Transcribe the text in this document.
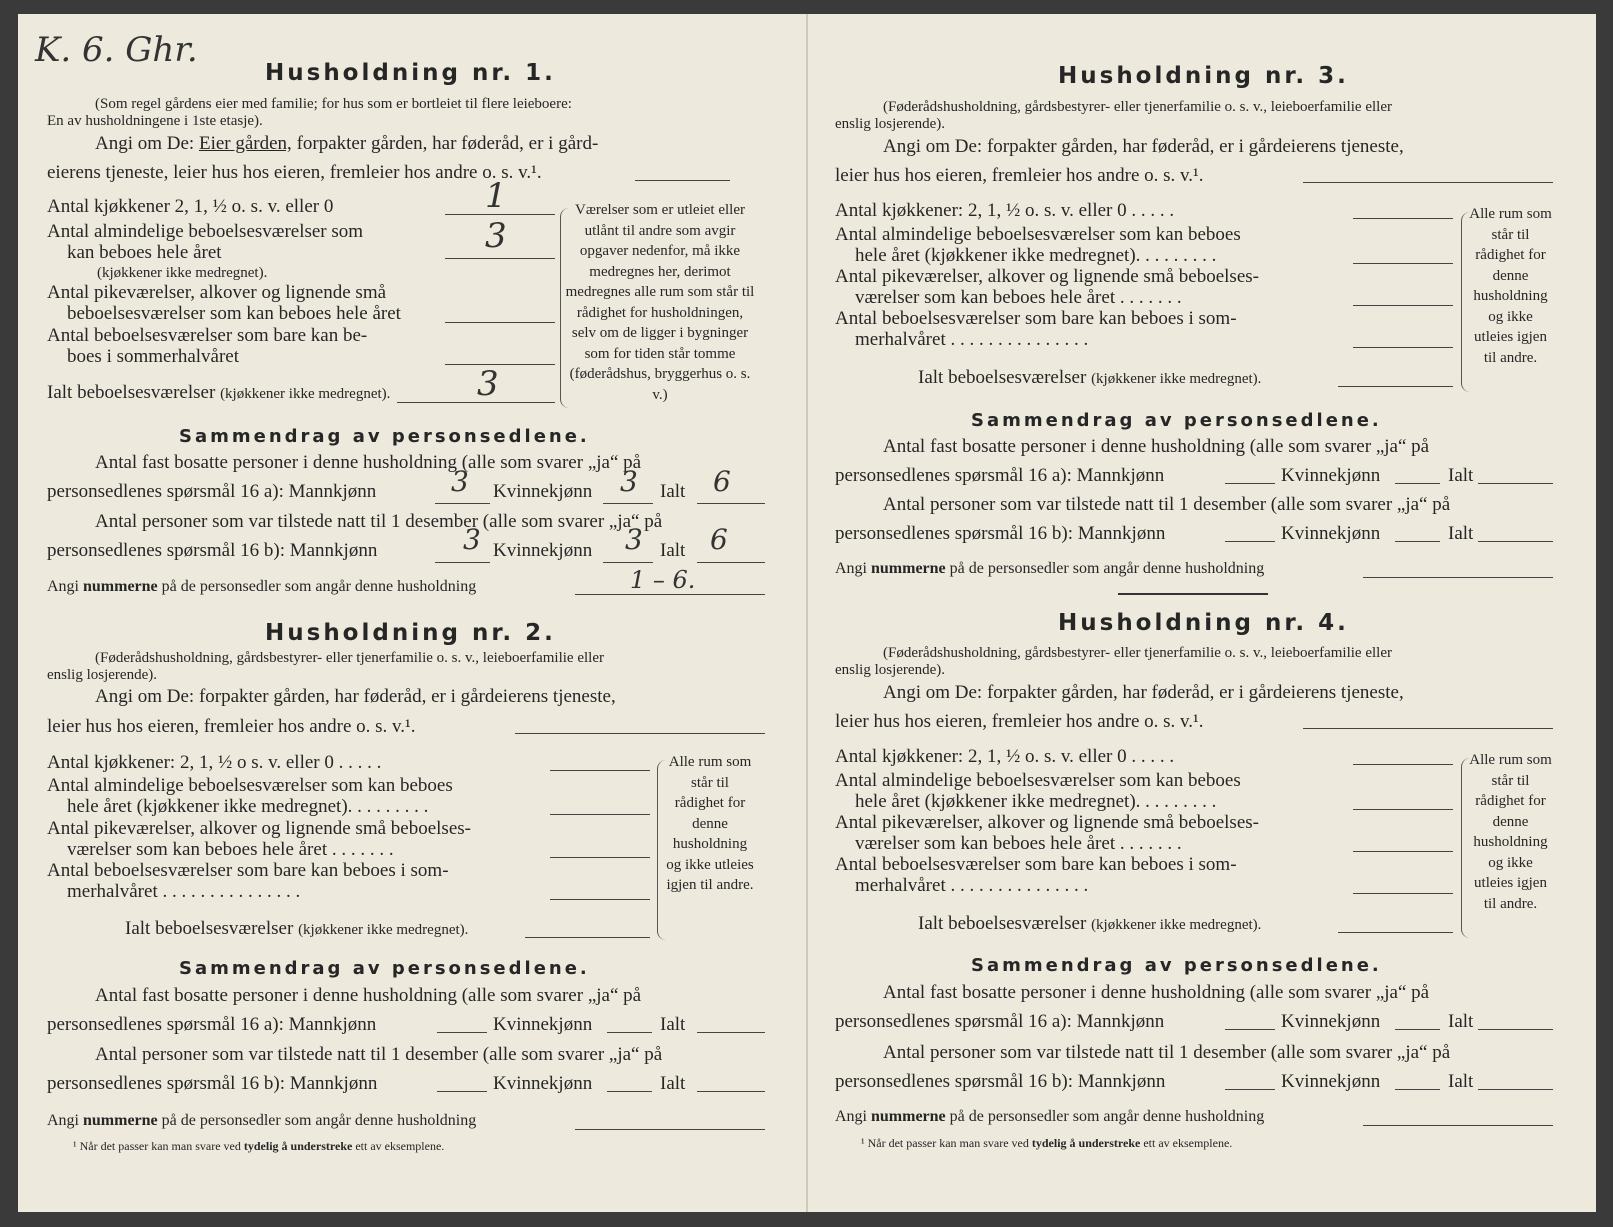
K. 6. Ghr.
Husholdning nr. 1.
(Som regel gårdens eier med familie; for hus som er bortleiet til flere leieboere:
En av husholdningene i 1ste etasje).
Angi om De: Eier gården, forpakter gården, har føderåd, er i gård-
eierens tjeneste, leier hus hos eieren, fremleier hos andre o. s. v.¹.
Antal kjøkkener 2, 1, ½ o. s. v. eller 0	1
Antal almindelige beboelsesværelser som
kan beboes hele året
(kjøkkener ikke medregnet).
3
Antal pikeværelser, alkover og lignende små
beboelsesværelser som kan beboes hele året
Antal beboelsesværelser som bare kan be-
boes i sommerhalvåret
Ialt beboelsesværelser (kjøkkener ikke medregnet).	3
Værelser som er utleiet eller utlånt til andre som avgir opgaver nedenfor, må ikke medregnes her, derimot medregnes alle rum som står til rådighet for husholdningen, selv om de ligger i bygninger som for tiden står tomme (føderådshus, bryggerhus o. s. v.)
Sammendrag av personsedlene.
Antal fast bosatte personer i denne husholdning (alle som svarer „ja“ på
personsedlenes spørsmål 16 a): Mannkjønn	3 Kvinnekjønn 3 Ialt 6
Antal personer som var tilstede natt til 1 desember (alle som svarer „ja“ på
personsedlenes spørsmål 16 b): Mannkjønn	3 Kvinnekjønn 3 Ialt 6
Angi nummerne på de personsedler som angår denne husholdning	1 – 6.
Husholdning nr. 2.
(Føderådshusholdning, gårdsbestyrer- eller tjenerfamilie o. s. v., leieboerfamilie eller
enslig losjerende).
Angi om De: forpakter gården, har føderåd, er i gårdeierens tjeneste,
leier hus hos eieren, fremleier hos andre o. s. v.¹.
Antal kjøkkener: 2, 1, ½ o s. v. eller 0 . . . . .
Antal almindelige beboelsesværelser som kan beboes
hele året (kjøkkener ikke medregnet). . . . . . . . .
Antal pikeværelser, alkover og lignende små beboelses-
værelser som kan beboes hele året . . . . . . .
Antal beboelsesværelser som bare kan beboes i som-
merhalvåret . . . . . . . . . . . . . . .
Ialt beboelsesværelser (kjøkkener ikke medregnet).
Alle rum som står til rådighet for denne husholdning og ikke utleies igjen til andre.
Sammendrag av personsedlene.
Antal fast bosatte personer i denne husholdning (alle som svarer „ja“ på
personsedlenes spørsmål 16 a): Mannkjønn	Kvinnekjønn	Ialt
Antal personer som var tilstede natt til 1 desember (alle som svarer „ja“ på
personsedlenes spørsmål 16 b): Mannkjønn	Kvinnekjønn	Ialt
Angi nummerne på de personsedler som angår denne husholdning
¹ Når det passer kan man svare ved tydelig å understreke ett av eksemplene.
Husholdning nr. 3.
(Føderådshusholdning, gårdsbestyrer- eller tjenerfamilie o. s. v., leieboerfamilie eller
enslig losjerende).
Angi om De: forpakter gården, har føderåd, er i gårdeierens tjeneste,
leier hus hos eieren, fremleier hos andre o. s. v.¹.
Antal kjøkkener: 2, 1, ½ o. s. v. eller 0 . . . . .
Antal almindelige beboelsesværelser som kan beboes
hele året (kjøkkener ikke medregnet). . . . . . . . .
Antal pikeværelser, alkover og lignende små beboelses-
værelser som kan beboes hele året . . . . . . .
Antal beboelsesværelser som bare kan beboes i som-
merhalvåret . . . . . . . . . . . . . . .
Ialt beboelsesværelser (kjøkkener ikke medregnet).
Alle rum som står til rådighet for denne husholdning og ikke utleies igjen til andre.
Sammendrag av personsedlene.
Antal fast bosatte personer i denne husholdning (alle som svarer „ja“ på
personsedlenes spørsmål 16 a): Mannkjønn	Kvinnekjønn	Ialt
Antal personer som var tilstede natt til 1 desember (alle som svarer „ja“ på
personsedlenes spørsmål 16 b): Mannkjønn	Kvinnekjønn	Ialt
Angi nummerne på de personsedler som angår denne husholdning
Husholdning nr. 4.
(Føderådshusholdning, gårdsbestyrer- eller tjenerfamilie o. s. v., leieboerfamilie eller
enslig losjerende).
Angi om De: forpakter gården, har føderåd, er i gårdeierens tjeneste,
leier hus hos eieren, fremleier hos andre o. s. v.¹.
Antal kjøkkener: 2, 1, ½ o. s. v. eller 0 . . . . .
Antal almindelige beboelsesværelser som kan beboes
hele året (kjøkkener ikke medregnet). . . . . . . . .
Antal pikeværelser, alkover og lignende små beboelses-
værelser som kan beboes hele året . . . . . . .
Antal beboelsesværelser som bare kan beboes i som-
merhalvåret . . . . . . . . . . . . . . .
Ialt beboelsesværelser (kjøkkener ikke medregnet).
Alle rum som står til rådighet for denne husholdning og ikke utleies igjen til andre.
Sammendrag av personsedlene.
Antal fast bosatte personer i denne husholdning (alle som svarer „ja“ på
personsedlenes spørsmål 16 a): Mannkjønn	Kvinnekjønn	Ialt
Antal personer som var tilstede natt til 1 desember (alle som svarer „ja“ på
personsedlenes spørsmål 16 b): Mannkjønn	Kvinnekjønn	Ialt
Angi nummerne på de personsedler som angår denne husholdning
¹ Når det passer kan man svare ved tydelig å understreke ett av eksemplene.
